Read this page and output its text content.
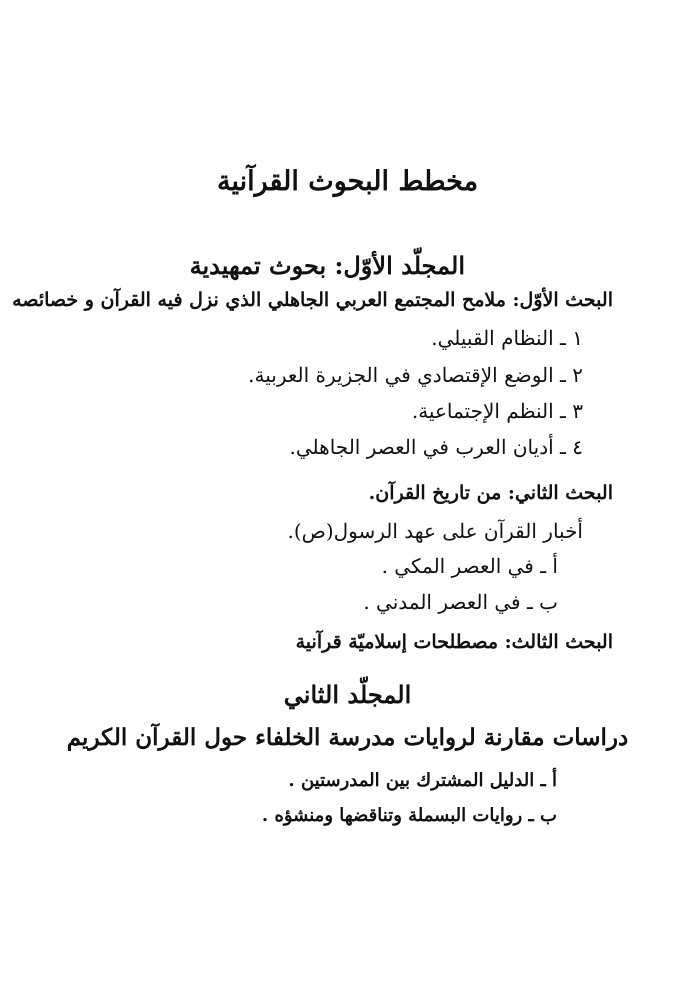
مخطط البحوث القرآنية
المجلّد الأوّل: بحوث تمهيدية
البحث الأوّل: ملامح المجتمع العربي الجاهلي الذي نزل فيه القرآن و خصائصه
١ ـ النظام القبيلي.
٢ ـ الوضع الإقتصادي في الجزيرة العربية.
٣ ـ النظم الإجتماعية.
٤ ـ أديان العرب في العصر الجاهلي.
البحث الثاني: من تاريخ القرآن.
أخبار القرآن على عهد الرسول(ص).
أ ـ في العصر المكي .
ب ـ في العصر المدني .
البحث الثالث: مصطلحات إسلاميّة قرآنية
المجلّد الثاني
دراسات مقارنة لروايات مدرسة الخلفاء حول القرآن الكريم
أ ـ الدليل المشترك بين المدرستين .
ب ـ روايات البسملة وتناقضها ومنشؤه .
